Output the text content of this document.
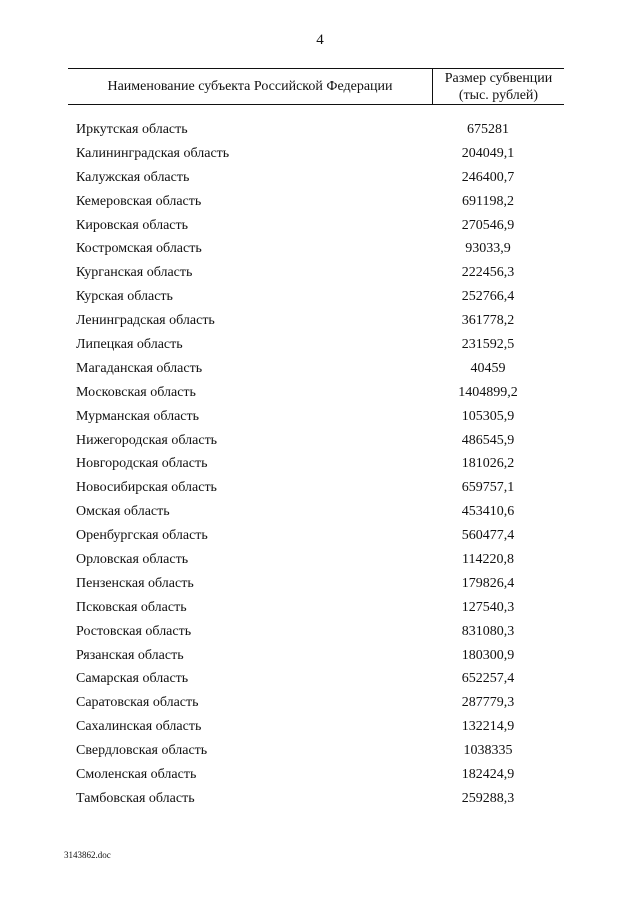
4
Наименование субъекта Российской Федерации
Размер субвенции
(тыс. рублей)
Иркутская область	675281
Калининградская область	204049,1
Калужская область	246400,7
Кемеровская область	691198,2
Кировская область	270546,9
Костромская область	93033,9
Курганская область	222456,3
Курская область	252766,4
Ленинградская область	361778,2
Липецкая область	231592,5
Магаданская область	40459
Московская область	1404899,2
Мурманская область	105305,9
Нижегородская область	486545,9
Новгородская область	181026,2
Новосибирская область	659757,1
Омская область	453410,6
Оренбургская область	560477,4
Орловская область	114220,8
Пензенская область	179826,4
Псковская область	127540,3
Ростовская область	831080,3
Рязанская область	180300,9
Самарская область	652257,4
Саратовская область	287779,3
Сахалинская область	132214,9
Свердловская область	1038335
Смоленская область	182424,9
Тамбовская область	259288,3
3143862.doc
